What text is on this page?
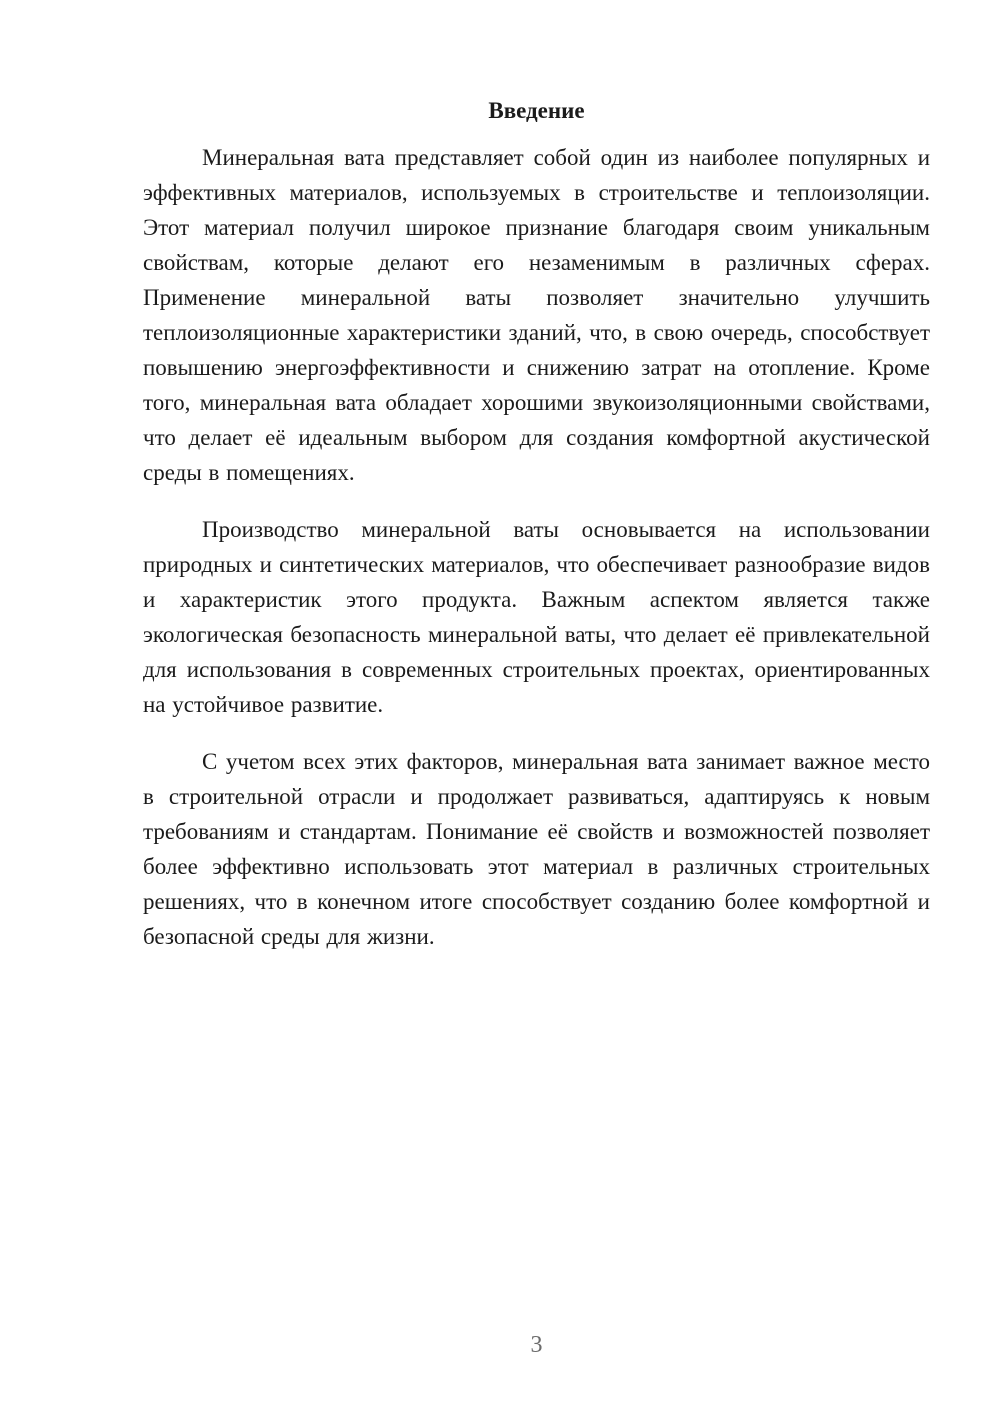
Введение

Минеральная вата представляет собой один из наиболее популярных и эффективных материалов, используемых в строительстве и теплоизоляции. Этот материал получил широкое признание благодаря своим уникальным свойствам, которые делают его незаменимым в различных сферах. Применение минеральной ваты позволяет значительно улучшить теплоизоляционные характеристики зданий, что, в свою очередь, способствует повышению энергоэффективности и снижению затрат на отопление. Кроме того, минеральная вата обладает хорошими звукоизоляционными свойствами, что делает её идеальным выбором для создания комфортной акустической среды в помещениях.

Производство минеральной ваты основывается на использовании природных и синтетических материалов, что обеспечивает разнообразие видов и характеристик этого продукта. Важным аспектом является также экологическая безопасность минеральной ваты, что делает её привлекательной для использования в современных строительных проектах, ориентированных на устойчивое развитие.

С учетом всех этих факторов, минеральная вата занимает важное место в строительной отрасли и продолжает развиваться, адаптируясь к новым требованиям и стандартам. Понимание её свойств и возможностей позволяет более эффективно использовать этот материал в различных строительных решениях, что в конечном итоге способствует созданию более комфортной и безопасной среды для жизни.

3
